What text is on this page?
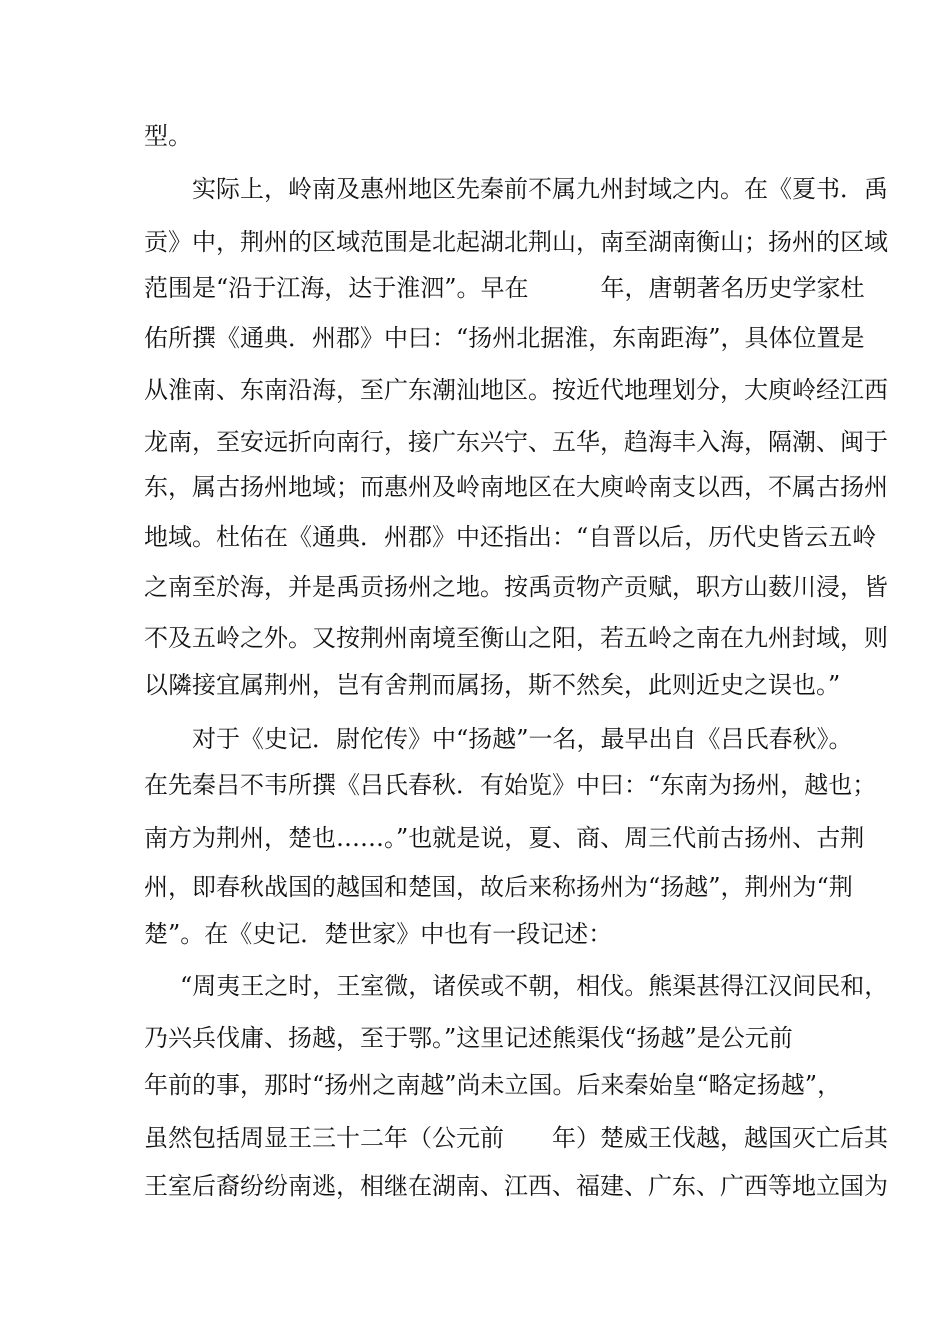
型。
实际上，岭南及惠州地区先秦前不属九州封域之内。在《夏书．禹
贡》中，荆州的区域范围是北起湖北荆山，南至湖南衡山；扬州的区域
范围是“沿于江海，达于淮泗”。早在　　　年，唐朝著名历史学家杜
佑所撰《通典．州郡》中曰：“扬州北据淮，东南距海”，具体位置是
从淮南、东南沿海，至广东潮汕地区。按近代地理划分，大庾岭经江西
龙南，至安远折向南行，接广东兴宁、五华，趋海丰入海，隔潮、闽于
东，属古扬州地域；而惠州及岭南地区在大庾岭南支以西，不属古扬州
地域。杜佑在《通典．州郡》中还指出：“自晋以后，历代史皆云五岭
之南至於海，并是禹贡扬州之地。按禹贡物产贡赋，职方山薮川浸，皆
不及五岭之外。又按荆州南境至衡山之阳，若五岭之南在九州封域，则
以隣接宜属荆州，岂有舍荆而属扬，斯不然矣，此则近史之误也。”
对于《史记．尉佗传》中“扬越”一名，最早出自《吕氏春秋》。
在先秦吕不韦所撰《吕氏春秋．有始览》中曰：“东南为扬州，越也；
南方为荆州，楚也……。”也就是说，夏、商、周三代前古扬州、古荆
州，即春秋战国的越国和楚国，故后来称扬州为“扬越”，荆州为“荆
楚”。在《史记．楚世家》中也有一段记述：
“周夷王之时，王室微，诸侯或不朝，相伐。熊渠甚得江汉间民和，
乃兴兵伐庸、扬越，至于鄂。”这里记述熊渠伐“扬越”是公元前
年前的事，那时“扬州之南越”尚未立国。后来秦始皇“略定扬越”，
虽然包括周显王三十二年（公元前　　年）楚威王伐越，越国灭亡后其
王室后裔纷纷南逃，相继在湖南、江西、福建、广东、广西等地立国为
